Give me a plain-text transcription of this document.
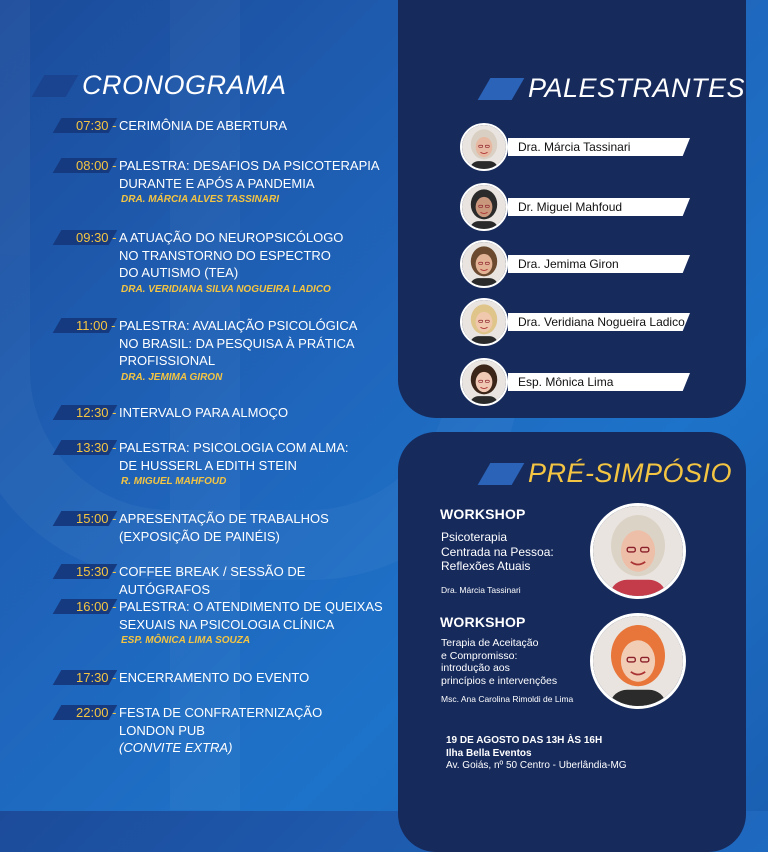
CRONOGRAMA
07:30 - CERIMÔNIA DE ABERTURA
08:00 - PALESTRA: DESAFIOS DA PSICOTERAPIA
DURANTE E APÓS A PANDEMIA
DRA. MÁRCIA ALVES TASSINARI
09:30 - A ATUAÇÃO DO NEUROPSICÓLOGO
NO TRANSTORNO DO ESPECTRO
DO AUTISMO (TEA)
DRA. VERIDIANA SILVA NOGUEIRA LADICO
11:00 - PALESTRA: AVALIAÇÃO PSICOLÓGICA
NO BRASIL: DA PESQUISA À PRÁTICA
PROFISSIONAL
DRA. JEMIMA GIRON
12:30 - INTERVALO PARA ALMOÇO
13:30 - PALESTRA: PSICOLOGIA COM ALMA:
DE HUSSERL A EDITH STEIN
R. MIGUEL MAHFOUD
15:00 - APRESENTAÇÃO DE TRABALHOS
(EXPOSIÇÃO DE PAINÉIS)
15:30 - COFFEE BREAK / SESSÃO DE AUTÓGRAFOS
16:00 - PALESTRA: O ATENDIMENTO DE QUEIXAS
SEXUAIS NA PSICOLOGIA CLÍNICA
ESP. MÔNICA LIMA SOUZA
17:30 - ENCERRAMENTO DO EVENTO
22:00 - FESTA DE CONFRATERNIZAÇÃO
LONDON PUB
(CONVITE EXTRA)
PALESTRANTES
Dra. Márcia Tassinari
Dr. Miguel Mahfoud
Dra. Jemima Giron
Dra. Veridiana Nogueira Ladico
Esp. Mônica Lima
PRÉ-SIMPÓSIO
WORKSHOP
Psicoterapia
Centrada na Pessoa:
Reflexões Atuais
Dra. Márcia Tassinari
WORKSHOP
Terapia de Aceitação
e Compromisso:
introdução aos
princípios e intervenções
Msc. Ana Carolina Rimoldi de Lima
19 DE AGOSTO DAS 13H ÀS 16H
Ilha Bella Eventos
Av. Goiás, nº 50 Centro - Uberlândia-MG
